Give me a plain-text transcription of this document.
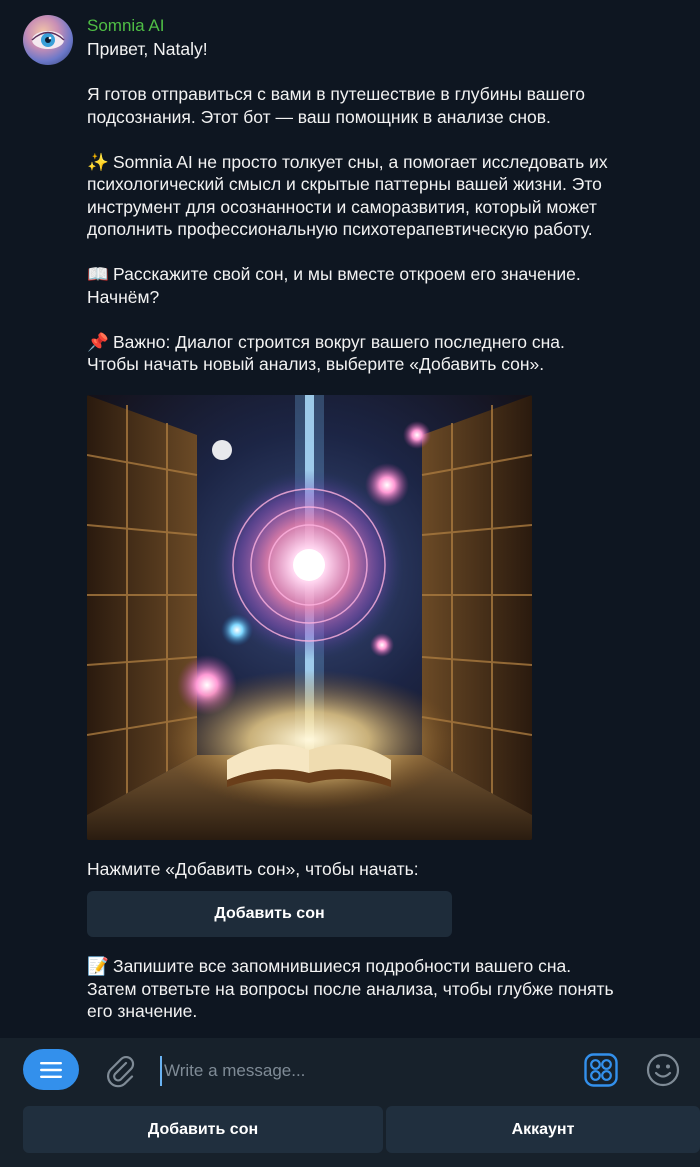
Somnia AI
Привет, Nataly!
Я готов отправиться с вами в путешествие в глубины вашего
подсознания. Этот бот — ваш помощник в анализе снов.
✨ Somnia AI не просто толкует сны, а помогает исследовать их
психологический смысл и скрытые паттерны вашей жизни. Это
инструмент для осознанности и саморазвития, который может
дополнить профессиональную психотерапевтическую работу.
📖 Расскажите свой сон, и мы вместе откроем его значение.
Начнём?
📌 Важно: Диалог строится вокруг вашего последнего сна.
Чтобы начать новый анализ, выберите «Добавить сон».
Нажмите «Добавить сон», чтобы начать:
Добавить сон
📝 Запишите все запомнившиеся подробности вашего сна.
Затем ответьте на вопросы после анализа, чтобы глубже понять
его значение.
Write a message...
Добавить сон	Аккаунт
